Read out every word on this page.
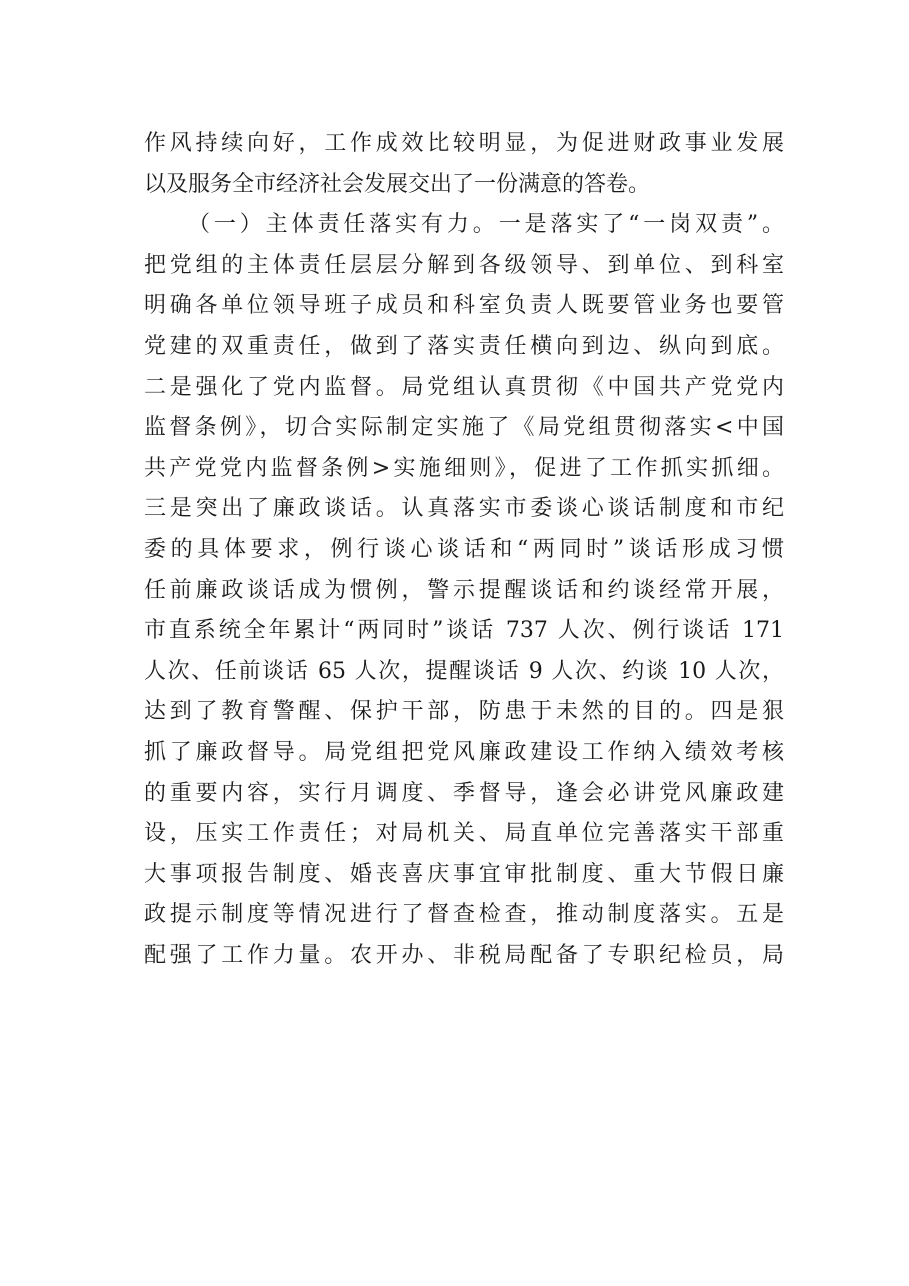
作风持续向好，工作成效比较明显，为促进财政事业发展
以及服务全市经济社会发展交出了一份满意的答卷。
（一）主体责任落实有力。一是落实了“一岗双责”。
把党组的主体责任层层分解到各级领导、到单位、到科室
明确各单位领导班子成员和科室负责人既要管业务也要管
党建的双重责任，做到了落实责任横向到边、纵向到底。
二是强化了党内监督。局党组认真贯彻《中国共产党党内
监督条例》，切合实际制定实施了《局党组贯彻落实<中国
共产党党内监督条例>实施细则》，促进了工作抓实抓细。
三是突出了廉政谈话。认真落实市委谈心谈话制度和市纪
委的具体要求，例行谈心谈话和“两同时”谈话形成习惯
任前廉政谈话成为惯例，警示提醒谈话和约谈经常开展，
市直系统全年累计“两同时”谈话 737 人次、例行谈话 171
人次、任前谈话 65 人次，提醒谈话 9 人次、约谈 10 人次，
达到了教育警醒、保护干部，防患于未然的目的。四是狠
抓了廉政督导。局党组把党风廉政建设工作纳入绩效考核
的重要内容，实行月调度、季督导，逢会必讲党风廉政建
设，压实工作责任；对局机关、局直单位完善落实干部重
大事项报告制度、婚丧喜庆事宜审批制度、重大节假日廉
政提示制度等情况进行了督查检查，推动制度落实。五是
配强了工作力量。农开办、非税局配备了专职纪检员，局
